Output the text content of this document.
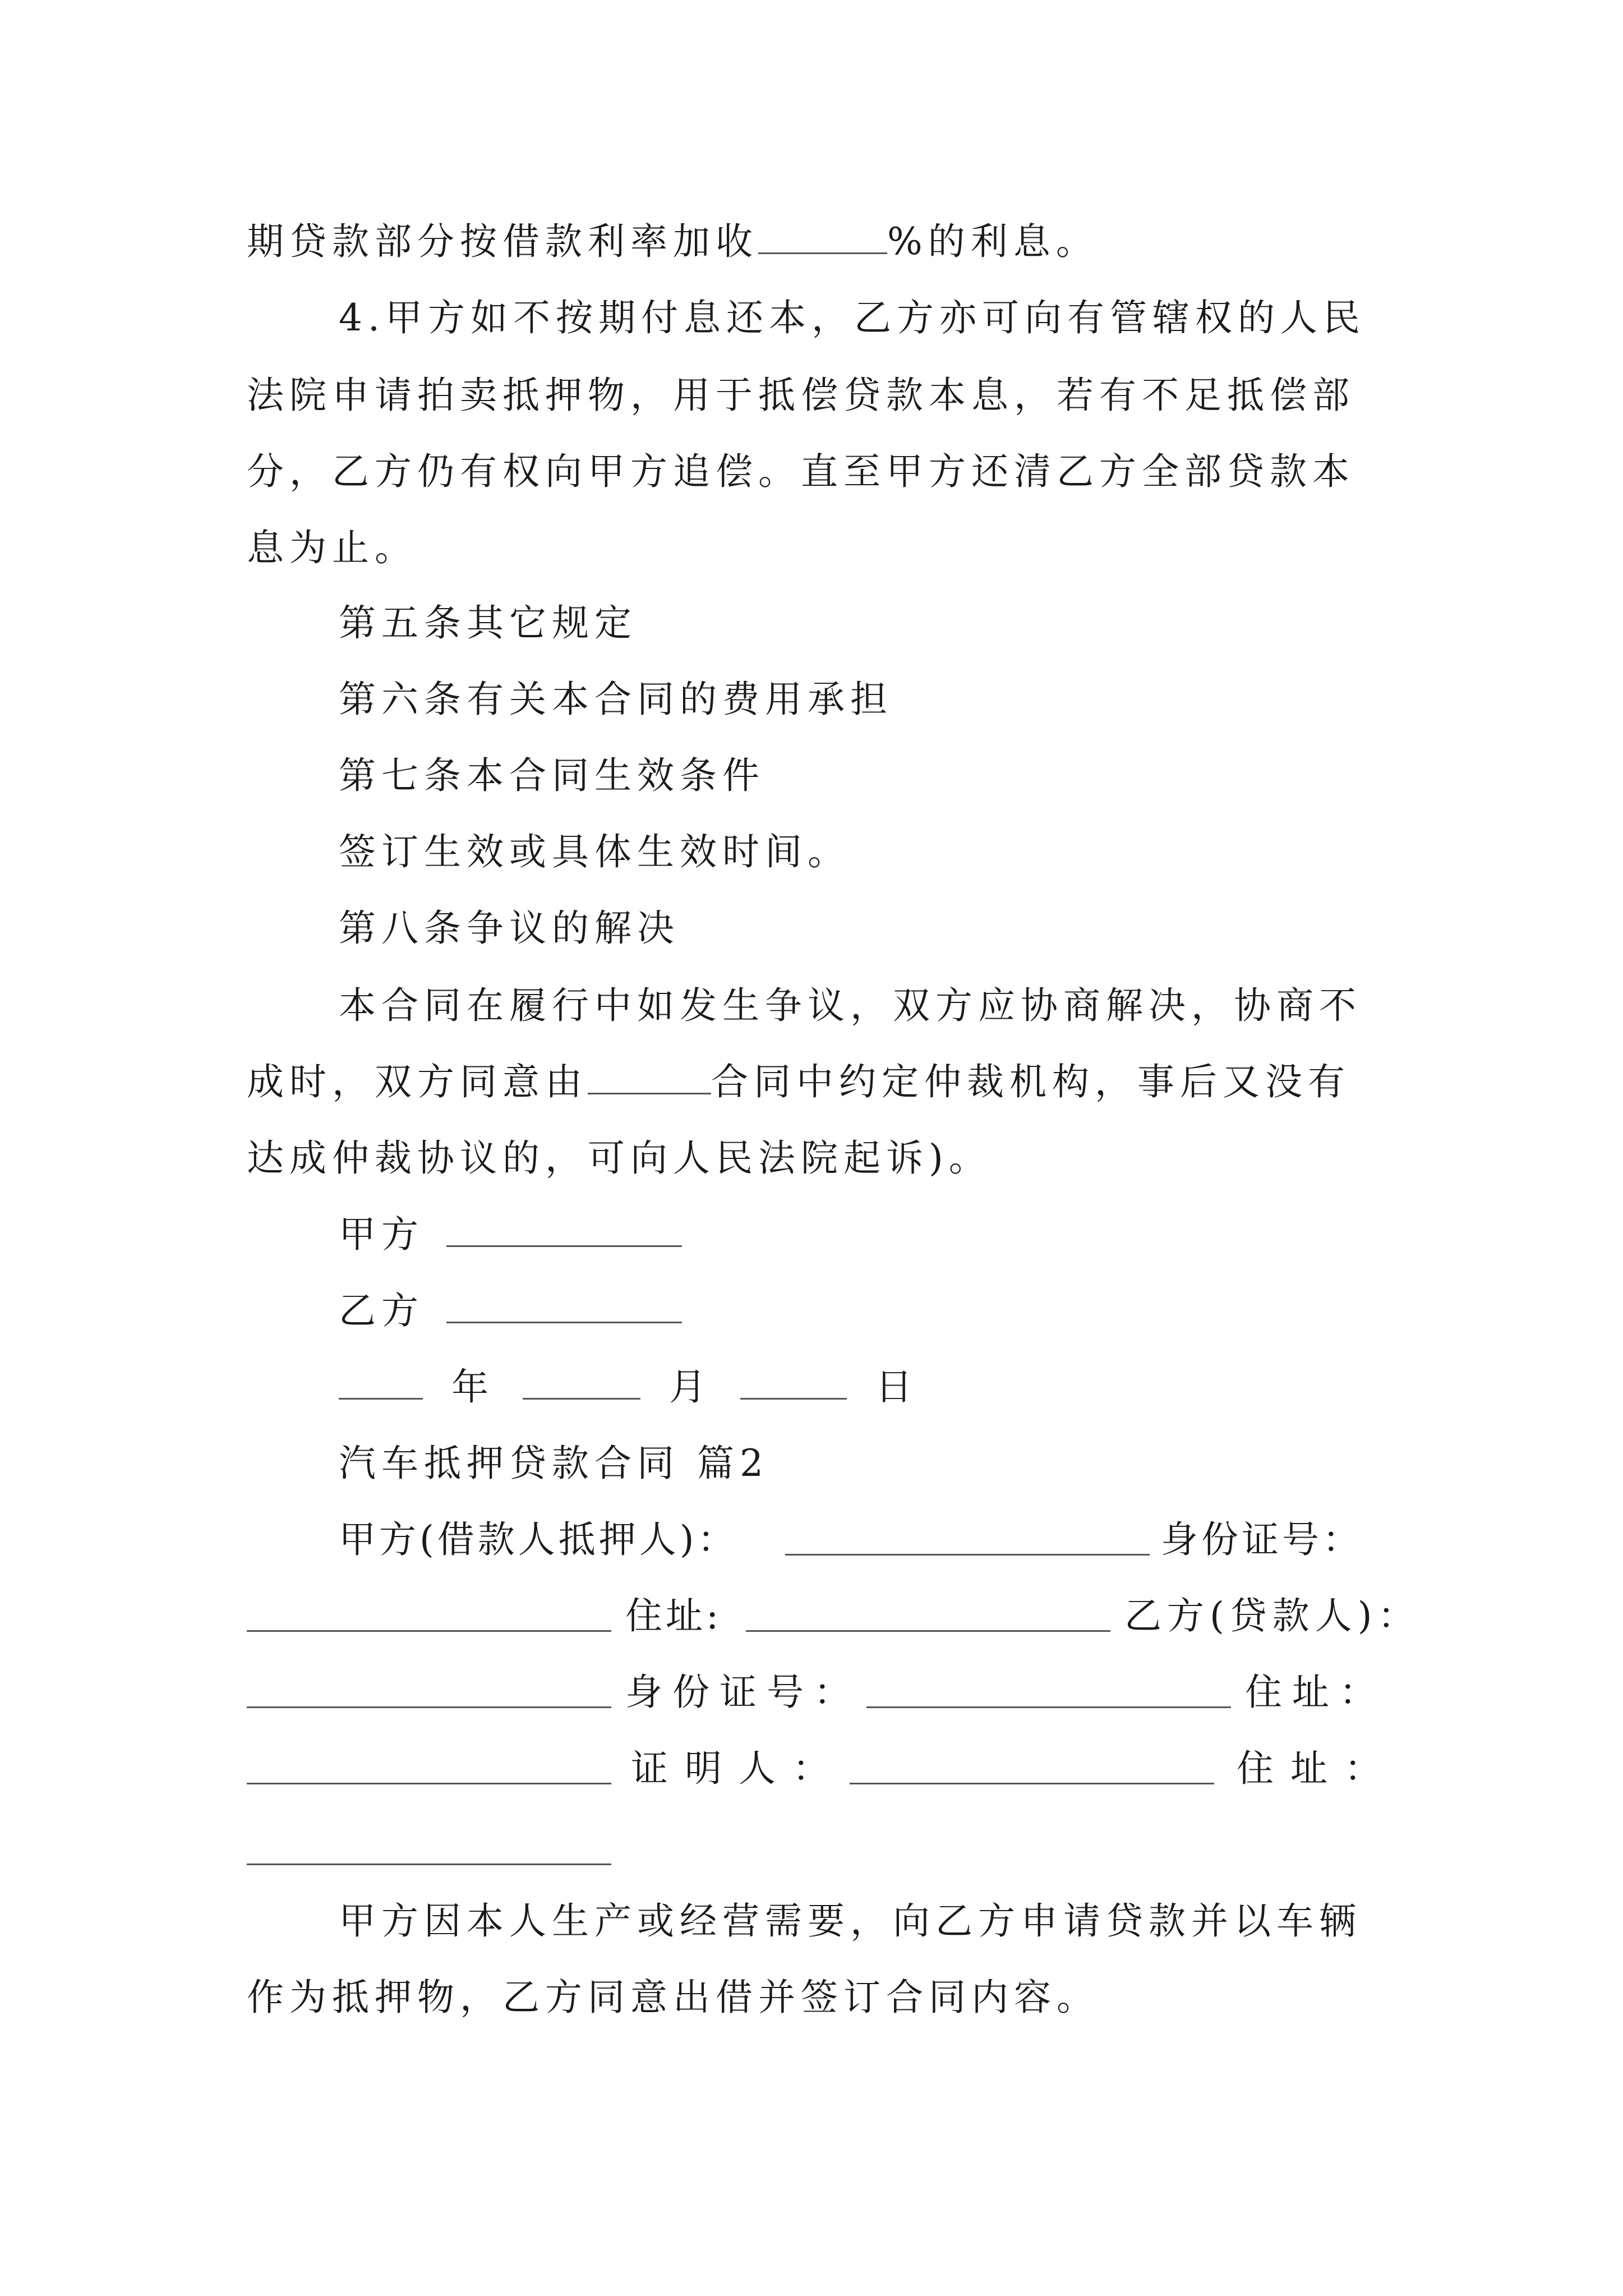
期贷款部分按借款利率加收	%的利息。
4.甲方如不按期付息还本，乙方亦可向有管辖权的人民
法院申请拍卖抵押物，用于抵偿贷款本息，若有不足抵偿部
分，乙方仍有权向甲方追偿。直至甲方还清乙方全部贷款本
息为止。
第五条其它规定
第六条有关本合同的费用承担
第七条本合同生效条件
签订生效或具体生效时间。
第八条争议的解决
本合同在履行中如发生争议，双方应协商解决，协商不
成时，双方同意由	合同中约定仲裁机构，事后又没有
达成仲裁协议的，可向人民法院起诉)。
甲方
乙方
年	月	日
汽车抵押贷款合同 篇2
甲方(借款人抵押人)：	身份证号：
住址:	乙方(贷款人)：
身份证号：	住址：
证明人：	住址：
甲方因本人生产或经营需要，向乙方申请贷款并以车辆
作为抵押物，乙方同意出借并签订合同内容。
